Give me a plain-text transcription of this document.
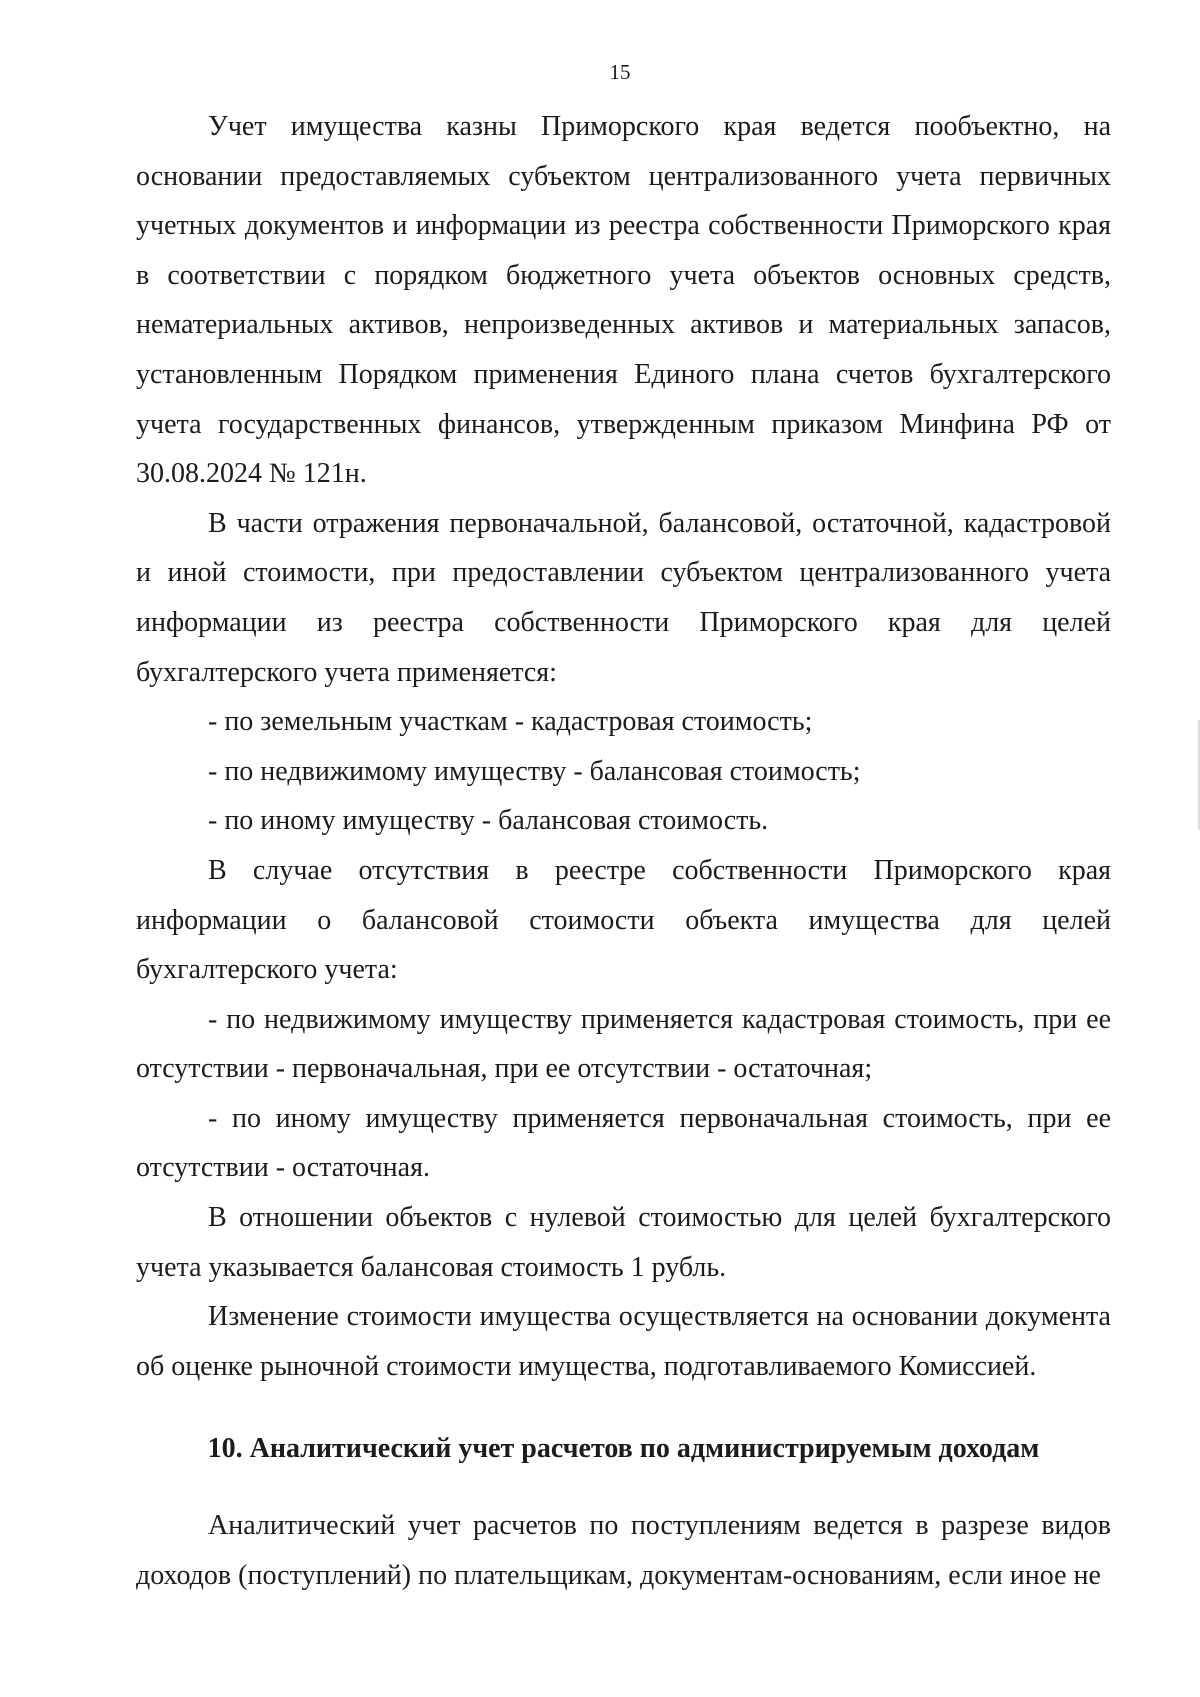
15

Учет имущества казны Приморского края ведется пообъектно, на основании предоставляемых субъектом централизованного учета первичных учетных документов и информации из реестра собственности Приморского края в соответствии с порядком бюджетного учета объектов основных средств, нематериальных активов, непроизведенных активов и материальных запасов, установленным Порядком применения Единого плана счетов бухгалтерского учета государственных финансов, утвержденным приказом Минфина РФ от 30.08.2024 № 121н.

В части отражения первоначальной, балансовой, остаточной, кадастровой и иной стоимости, при предоставлении субъектом централизованного учета информации из реестра собственности Приморского края для целей бухгалтерского учета применяется:

- по земельным участкам - кадастровая стоимость;

- по недвижимому имуществу - балансовая стоимость;

- по иному имуществу - балансовая стоимость.

В случае отсутствия в реестре собственности Приморского края информации о балансовой стоимости объекта имущества для целей бухгалтерского учета:

- по недвижимому имуществу применяется кадастровая стоимость, при ее отсутствии - первоначальная, при ее отсутствии - остаточная;

- по иному имуществу применяется первоначальная стоимость, при ее отсутствии - остаточная.

В отношении объектов с нулевой стоимостью для целей бухгалтерского учета указывается балансовая стоимость 1 рубль.

Изменение стоимости имущества осуществляется на основании документа об оценке рыночной стоимости имущества, подготавливаемого Комиссией.

10. Аналитический учет расчетов по администрируемым доходам

Аналитический учет расчетов по поступлениям ведется в разрезе видов доходов (поступлений) по плательщикам, документам-основаниям, если иное не
